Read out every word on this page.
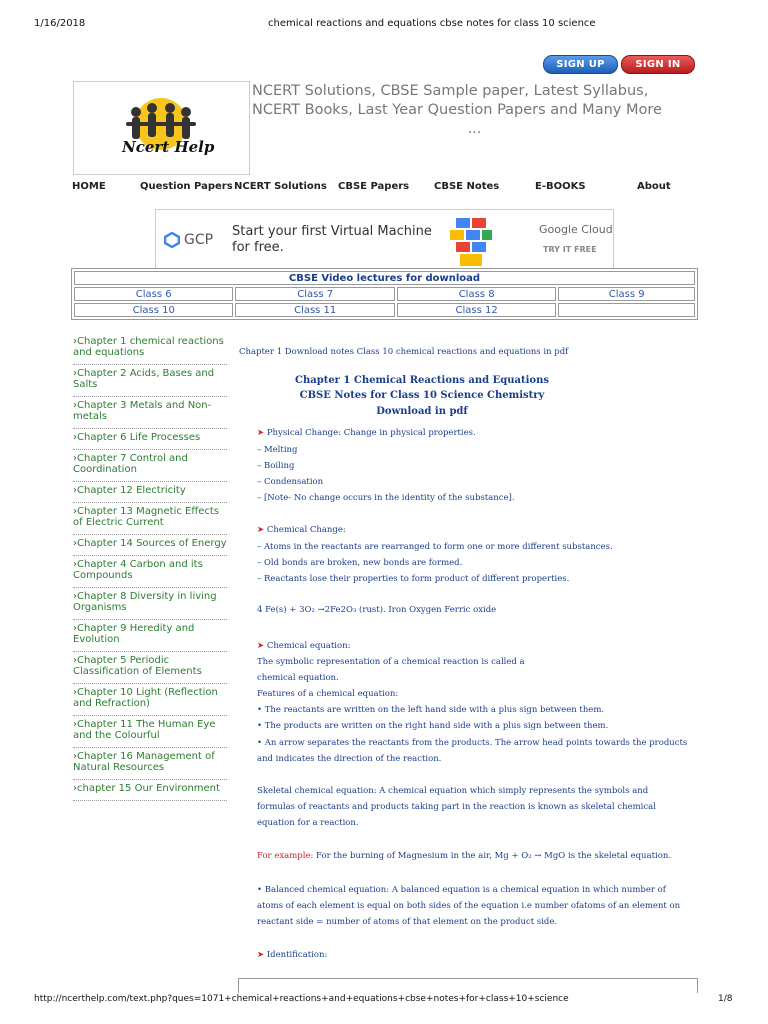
1/16/2018	chemical reactions and equations cbse notes for class 10 science
SIGN UP	SIGN IN
Ncert Help
NCERT Solutions, CBSE Sample paper, Latest Syllabus,
NCERT Books, Last Year Question Papers and Many More
...
HOME	Question Papers NCERT Solutions CBSE Papers CBSE Notes	E-BOOKS	About
GCP
Start your first Virtual Machine
for free.
Google Cloud
TRY IT FREE
CBSE Video lectures for download			
Class 6	Class 7	Class 8	Class 9
Class 10	Class 11	Class 12	
› Chapter 1 chemical reactions and equations
› Chapter 2 Acids, Bases and Salts
› Chapter 3 Metals and Non-metals
› Chapter 6 Life Processes
› Chapter 7 Control and Coordination
› Chapter 12 Electricity
› Chapter 13 Magnetic Effects of Electric Current
› Chapter 14 Sources of Energy
› Chapter 4 Carbon and its Compounds
› Chapter 8 Diversity in living Organisms
› Chapter 9 Heredity and Evolution
› Chapter 5 Periodic Classification of Elements
› Chapter 10 Light (Reflection and Refraction)
› Chapter 11 The Human Eye and the Colourful
› Chapter 16 Management of Natural Resources
› chapter 15 Our Environment
Chapter 1 Download notes Class 10 chemical reactions and equations in pdf
Chapter 1 Chemical Reactions and Equations
CBSE Notes for Class 10 Science Chemistry
Download in pdf
➤ Physical Change: Change in physical properties.
– Melting
– Boiling
– Condensation
– [Note- No change occurs in the identity of the substance].
➤ Chemical Change:
– Atoms in the reactants are rearranged to form one or more different substances.
– Old bonds are broken, new bonds are formed.
– Reactants lose their properties to form product of different properties.
4 Fe(s) + 3O₂ →2Fe2O₃ (rust). Iron Oxygen Ferric oxide
➤ Chemical equation:
The symbolic representation of a chemical reaction is called a
chemical equation.
Features of a chemical equation:
• The reactants are written on the left hand side with a plus sign between them.
• The products are written on the right hand side with a plus sign between them.
• An arrow separates the reactants from the products. The arrow head points towards the products
and indicates the direction of the reaction.
Skeletal chemical equation: A chemical equation which simply represents the symbols and
formulas of reactants and products taking part in the reaction is known as skeletal chemical
equation for a reaction.
For example: For the burning of Magnesium in the air, Mg + O₂ → MgO is the skeletal equation.
• Balanced chemical equation: A balanced equation is a chemical equation in which number of
atoms of each element is equal on both sides of the equation i.e number ofatoms of an element on
reactant side = number of atoms of that element on the product side.
➤ Identification:
http://ncerthelp.com/text.php?ques=1071+chemical+reactions+and+equations+cbse+notes+for+class+10+science	1/8
